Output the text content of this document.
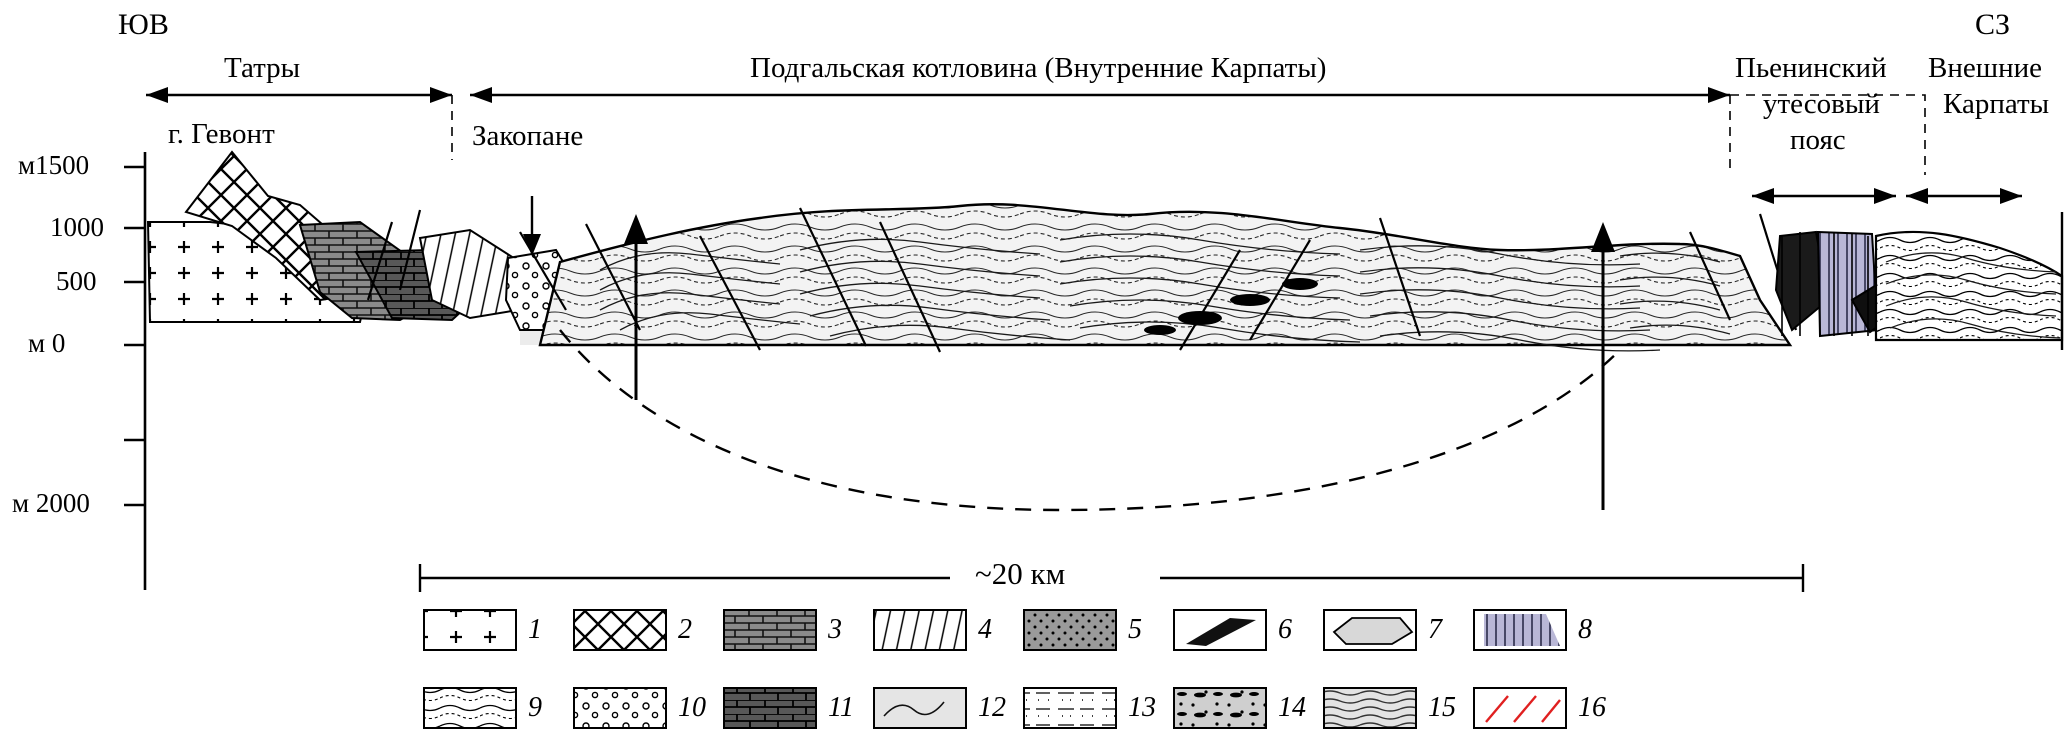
ЮВ	СЗ
Татры	Подгальская котловина (Внутренние Карпаты)	Пьенинский
утесовый
пояс
Внешние
Карпаты
г. Гевонт	Закопане
м1500
1000
500
м 0
м 2000
~20 км
1	2	3	4	5	6	7	8
9	10	11	12	13	14	15	16
